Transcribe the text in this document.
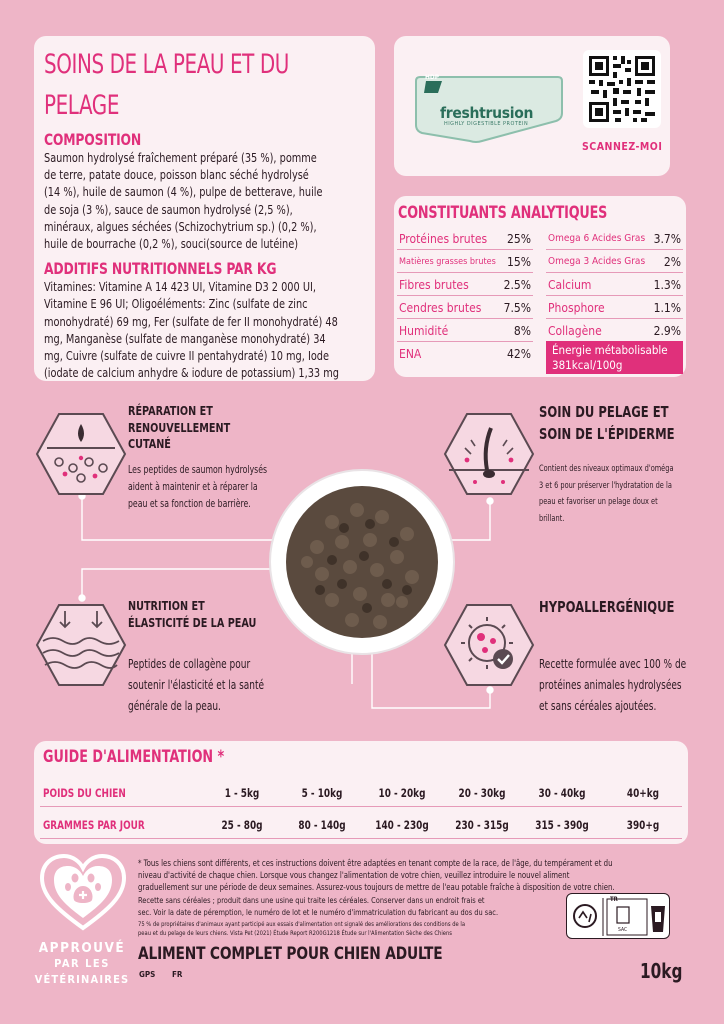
SOINS DE LA PEAU ET DU
PELAGE
COMPOSITION
Saumon hydrolysé fraîchement préparé (35 %), pomme
de terre, patate douce, poisson blanc séché hydrolysé
(14 %), huile de saumon (4 %), pulpe de betterave, huile
de soja (3 %), sauce de saumon hydrolysé (2,5 %),
minéraux, algues séchées (Schizochytrium sp.) (0,2 %),
huile de bourrache (0,2 %), souci(source de lutéine)
ADDITIFS NUTRITIONNELS PAR KG
Vitamines: Vitamine A 14 423 UI, Vitamine D3 2 000 UI,
Vitamine E 96 UI; Oligoéléments: Zinc (sulfate de zinc
monohydraté) 69 mg, Fer (sulfate de fer II monohydraté) 48
mg, Manganèse (sulfate de manganèse monohydraté) 34
mg, Cuivre (sulfate de cuivre II pentahydraté) 10 mg, Iode
(iodate de calcium anhydre & iodure de potassium) 1,33 mg
HDP
freshtrusion
HIGHLY DIGESTIBLE PROTEIN
SCANNEZ-MOI
CONSTITUANTS ANALYTIQUES
Protéines brutes 25%
Matières grasses brutes 15%
Fibres brutes	2.5%
Cendres brutes 7.5%
Humidité	8%
ENA	42%
Omega 6 Acides Gras 3.7%
Omega 3 Acides Gras 2%
Calcium	1.3%
Phosphore	1.1%
Collagène	2.9%
Énergie métabolisable
381kcal/100g
RÉPARATION ET
RENOUVELLEMENT
CUTANÉ
Les peptides de saumon hydrolysés
aident à maintenir et à réparer la
peau et sa fonction de barrière.
SOIN DU PELAGE ET
SOIN DE L'ÉPIDERME
Contient des niveaux optimaux d'oméga
3 et 6 pour préserver l'hydratation de la
peau et favoriser un pelage doux et
brillant.
NUTRITION ET
ÉLASTICITÉ DE LA PEAU
Peptides de collagène pour
soutenir l'élasticité et la santé
générale de la peau.
HYPOALLERGÉNIQUE
Recette formulée avec 100 % de
protéines animales hydrolysées
et sans céréales ajoutées.
GUIDE D'ALIMENTATION *
POIDS DU CHIEN	1 - 5kg	5 - 10kg	10 - 20kg	20 - 30kg	30 - 40kg	40+kg
GRAMMES PAR JOUR	25 - 80g	80 - 140g	140 - 230g	230 - 315g	315 - 390g	390+g
APPROUVÉ
PAR LES
VÉTÉRINAIRES
* Tous les chiens sont différents, et ces instructions doivent être adaptées en tenant compte de la race, de l'âge, du tempérament et du
niveau d'activité de chaque chien. Lorsque vous changez l'alimentation de votre chien, veuillez introduire le nouvel aliment
graduellement sur une période de deux semaines. Assurez-vous toujours de mettre de l'eau potable fraîche à disposition de votre chien.
Recette sans céréales ; produit dans une usine qui traite les céréales. Conserver dans un endroit frais et
sec. Voir la date de péremption, le numéro de lot et le numéro d'immatriculation du fabricant au dos du sac.
75 % de propriétaires d'animaux ayant participé aux essais d'alimentation ont signalé des améliorations des conditions de la
peau et du pelage de leurs chiens. Vista Pet (2021) Étude Report R200G1218 Étude sur l'Alimentation Sèche des Chiens
TR
SAC
ALIMENT COMPLET POUR CHIEN ADULTE
GPS FR	10kg
